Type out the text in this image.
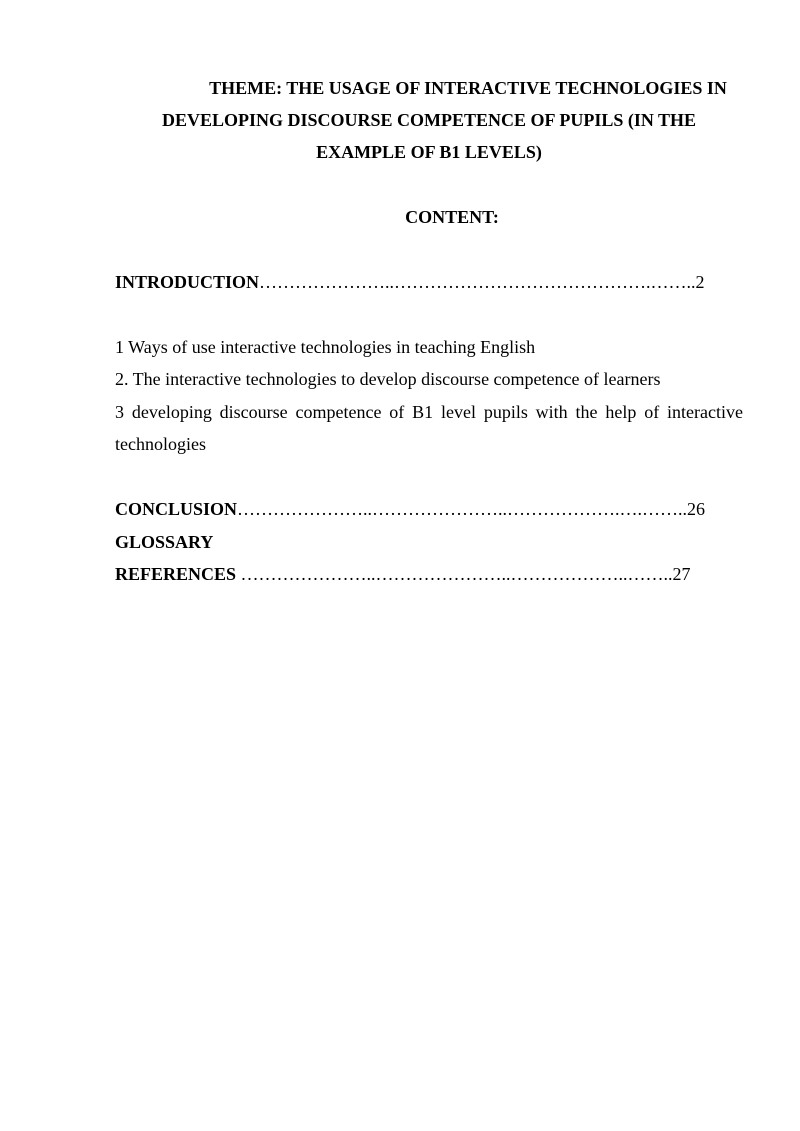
THEME: THE USAGE OF INTERACTIVE TECHNOLOGIES IN
DEVELOPING DISCOURSE COMPETENCE OF PUPILS (IN THE
EXAMPLE OF B1 LEVELS)
CONTENT:
INTRODUCTION…………………..…………………………………….……..2
1 Ways of use interactive technologies in teaching English
2. The interactive technologies to develop discourse competence of learners
3 developing discourse competence of B1 level pupils with the help of interactive
technologies
CONCLUSION…………………..…………………..……………….….……..26
GLOSSARY
REFERENCES …………………..…………………..………………..……..27
